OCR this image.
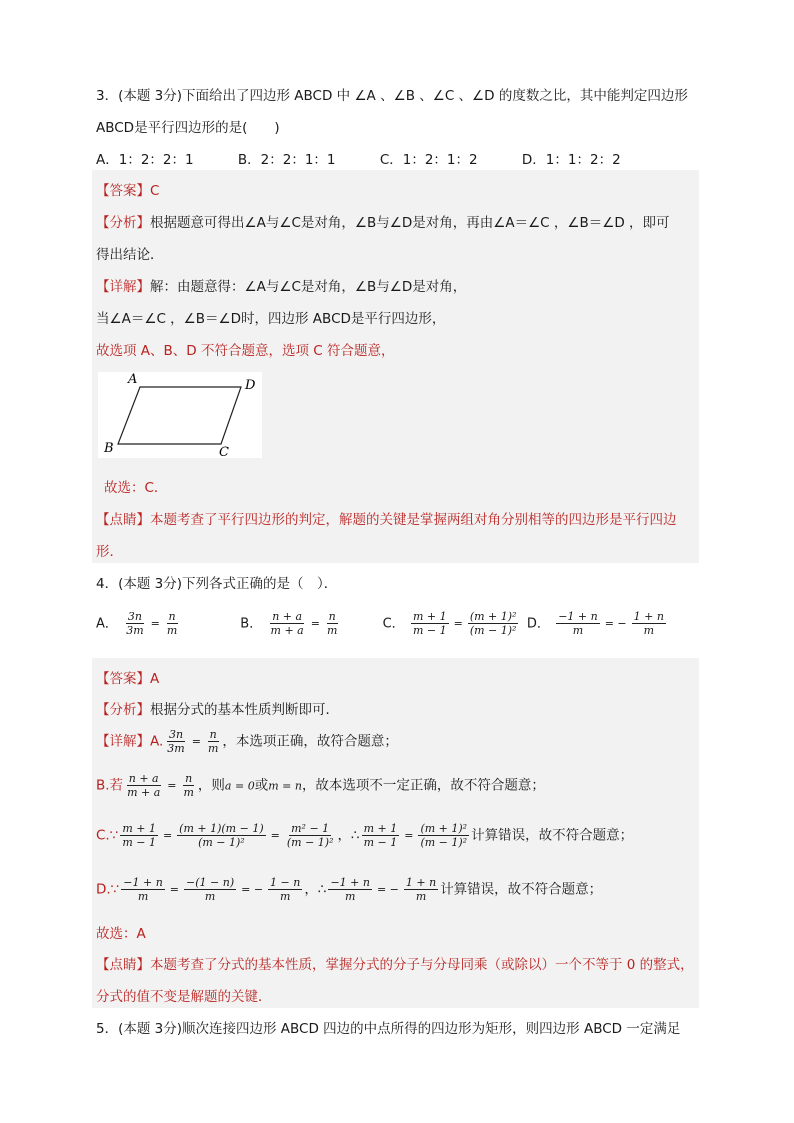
3．(本题 3分)下面给出了四边形 ABCD 中 ∠A 、∠B 、∠C 、∠D 的度数之比，其中能判定四边形
ABCD是平行四边形的是(　　)
A．1：2：2：1	B．2：2：1：1	C．1：2：1：2	D．1：1：2：2
【答案】C
【分析】根据题意可得出∠A与∠C是对角，∠B与∠D是对角，再由∠A＝∠C ，∠B＝∠D ，即可
得出结论．
【详解】解：由题意得：∠A与∠C是对角，∠B与∠D是对角，
当∠A＝∠C ，∠B＝∠D时，四边形 ABCD是平行四边形，
故选项 A、B、D 不符合题意，选项 C 符合题意，
A	D
B	C
故选：C．
【点睛】本题考查了平行四边形的判定，解题的关键是掌握两组对角分别相等的四边形是平行四边
形．
4．(本题 3分)下列各式正确的是（　）．
A． $\frac{3n}{3m} = \frac{n}{m}$	B． $\frac{n + a}{m + a} = \frac{n}{m}$	C． $\frac{m + 1}{m - 1} = \frac{\text{(m + 1)²}}{\text{(m − 1)²}}$ D． $\frac{-1 + n}{m}$ = − $\frac{1 + n}{m}$
【答案】A
【分析】根据分式的基本性质判断即可．
【详解】A. $\frac{3n}{3m} = \frac{n}{m}$ ，本选项正确，故符合题意；
B.若 $\frac{n + a}{m + a} = \frac{n}{m}$ ，则a = 0或m = n，故本选项不一定正确，故不符合题意；
C.∵ $\frac{m + 1}{m - 1} = \frac{(m + 1)(m - 1)}{\text{(m − 1)²}} = \frac{\text{m² − 1}}{\text{(m − 1)²}}$ ，∴ $\frac{m + 1}{m - 1} = \frac{\text{(m + 1)²}}{\text{(m − 1)²}}$ 计算错误，故不符合题意；
D.∵ $\frac{-1 + n}{m} = \frac{-(1 - n)}{m}$ = − $\frac{1 - n}{m}$ ，∴ $\frac{-1 + n}{m}$ = − $\frac{1 + n}{m}$ 计算错误，故不符合题意；
故选：A
【点睛】本题考查了分式的基本性质，掌握分式的分子与分母同乘（或除以）一个不等于 0 的整式，
分式的值不变是解题的关键．
5．(本题 3分)顺次连接四边形 ABCD 四边的中点所得的四边形为矩形，则四边形 ABCD 一定满足
